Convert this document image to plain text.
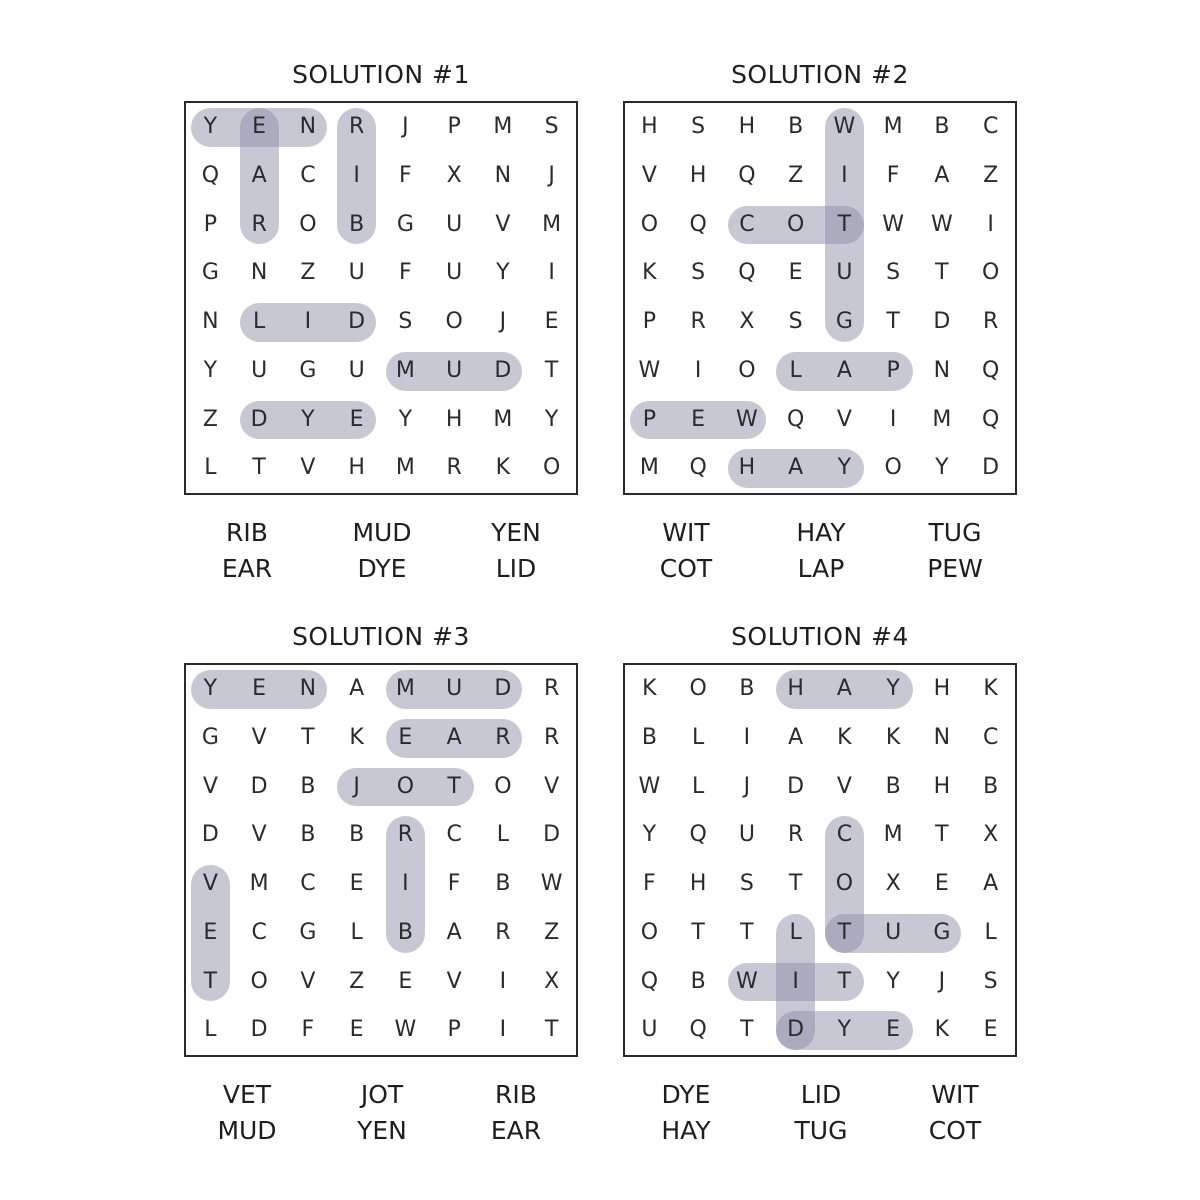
SOLUTION #1
Y	E	N	R	J	P	M	S
Q	A	C	I	F	X	N	J
P	R	O	B	G	U	V	M
G	N	Z	U	F	U	Y	I
N	L	I	D	S	O	J	E
Y	U	G	U	M	U	D	T
Z	D	Y	E	Y	H	M	Y
L	T	V	H	M	R	K	O
RIB	MUD	YEN
EAR	DYE	LID
SOLUTION #2
H	S	H	B	W	M	B	C
V	H	Q	Z	I	F	A	Z
O	Q	C	O	T	W	W	I
K	S	Q	E	U	S	T	O
P	R	X	S	G	T	D	R
W	I	O	L	A	P	N	Q
P	E	W	Q	V	I	M	Q
M	Q	H	A	Y	O	Y	D
WIT	HAY	TUG
COT	LAP	PEW
SOLUTION #3
Y	E	N	A	M	U	D	R
G	V	T	K	E	A	R	R
V	D	B	J	O	T	O	V
D	V	B	B	R	C	L	D
V	M	C	E	I	F	B	W
E	C	G	L	B	A	R	Z
T	O	V	Z	E	V	I	X
L	D	F	E	W	P	I	T
VET	JOT	RIB
MUD	YEN	EAR
SOLUTION #4
K	O	B	H	A	Y	H	K
B	L	I	A	K	K	N	C
W	L	J	D	V	B	H	B
Y	Q	U	R	C	M	T	X
F	H	S	T	O	X	E	A
O	T	T	L	T	U	G	L
Q	B	W	I	T	Y	J	S
U	Q	T	D	Y	E	K	E
DYE	LID	WIT
HAY	TUG	COT
